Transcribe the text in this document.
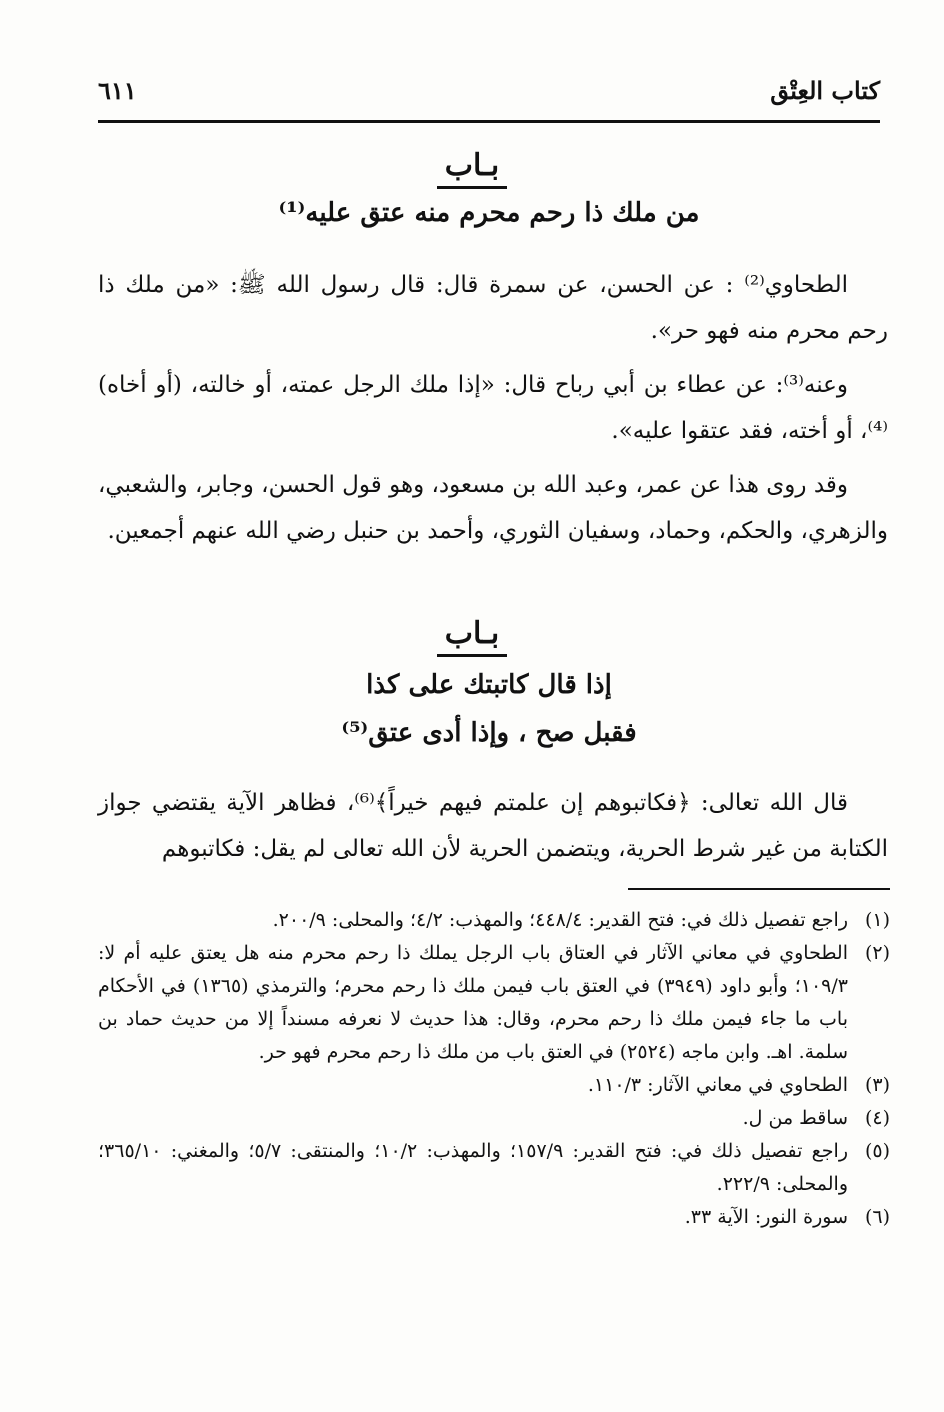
كتاب العِتْق
٦١١
بـاب
من ملك ذا رحم محرم منه عتق عليه⁽¹⁾
الطحاوي⁽²⁾ : عن الحسن، عن سمرة قال: قال رسول الله ﷺ: «من ملك ذا رحم محرم منه فهو حر».
وعنه⁽³⁾: عن عطاء بن أبي رباح قال: «إذا ملك الرجل عمته، أو خالته، (أو أخاه)⁽⁴⁾، أو أخته، فقد عتقوا عليه».
وقد روى هذا عن عمر، وعبد الله بن مسعود، وهو قول الحسن، وجابر، والشعبي، والزهري، والحكم، وحماد، وسفيان الثوري، وأحمد بن حنبل رضي الله عنهم أجمعين.
بـاب
إذا قال كاتبتك على كذا
فقبل صح ، وإذا أدى عتق⁽⁵⁾
قال الله تعالى: ﴿فكاتبوهم إن علمتم فيهم خيراً﴾⁽⁶⁾، فظاهر الآية يقتضي جواز الكتابة من غير شرط الحرية، ويتضمن الحرية لأن الله تعالى لم يقل: فكاتبوهم
(١)
راجع تفصيل ذلك في: فتح القدير: ٤٤٨/٤؛ والمهذب: ٤/٢؛ والمحلى: ٢٠٠/٩.
(٢)
الطحاوي في معاني الآثار في العتاق باب الرجل يملك ذا رحم محرم منه هل يعتق عليه أم لا: ١٠٩/٣؛ وأبو داود (٣٩٤٩) في العتق باب فيمن ملك ذا رحم محرم؛ والترمذي (١٣٦٥) في الأحكام باب ما جاء فيمن ملك ذا رحم محرم، وقال: هذا حديث لا نعرفه مسنداً إلا من حديث حماد بن سلمة. اهـ. وابن ماجه (٢٥٢٤) في العتق باب من ملك ذا رحم محرم فهو حر.
(٣)
الطحاوي في معاني الآثار: ١١٠/٣.
(٤)
ساقط من ل.
(٥)
راجع تفصيل ذلك في: فتح القدير: ١٥٧/٩؛ والمهذب: ١٠/٢؛ والمنتقى: ٥/٧؛ والمغني: ٣٦٥/١٠؛ والمحلى: ٢٢٢/٩.
(٦)
سورة النور: الآية ٣٣.
